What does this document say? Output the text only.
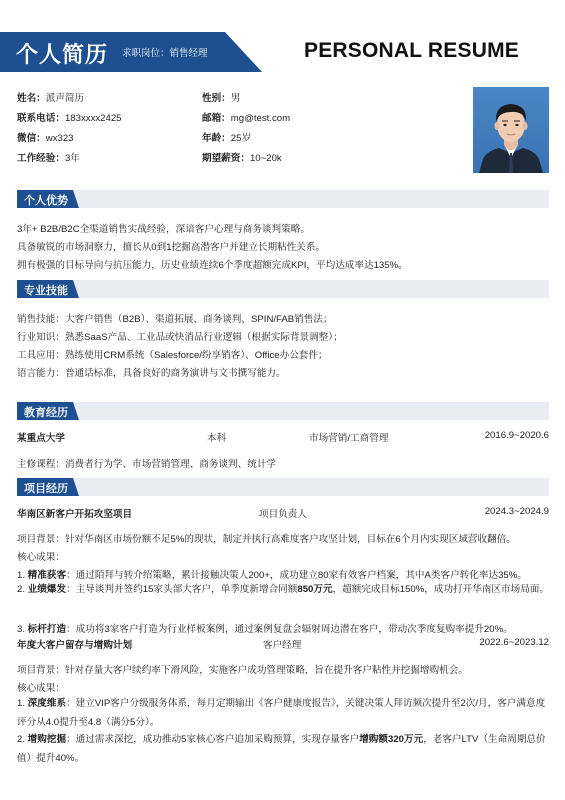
个人简历 求职岗位：销售经理	PERSONAL RESUME
姓名：派声简历	性别：男
联系电话：183xxxx2425	邮箱：mg@test.com
微信：wx323	年龄：25岁
工作经验：3年	期望薪资：10~20k
个人优势
3年+ B2B/B2C全渠道销售实战经验，深谙客户心理与商务谈判策略。
具备敏锐的市场洞察力，擅长从0到1挖掘高潜客户并建立长期粘性关系。
拥有极强的目标导向与抗压能力，历史业绩连续6个季度超额完成KPI，平均达成率达135%。
专业技能
销售技能：大客户销售（B2B）、渠道拓展、商务谈判、SPIN/FAB销售法；
行业知识：熟悉SaaS产品、工业品或快消品行业逻辑（根据实际背景调整）；
工具应用：熟练使用CRM系统（Salesforce/纷享销客）、Office办公套件；
语言能力：普通话标准，具备良好的商务演讲与文书撰写能力。
教育经历
某重点大学	本科	市场营销/工商管理	2016.9~2020.6
主修课程：消费者行为学、市场营销管理、商务谈判、统计学
项目经历
华南区新客户开拓攻坚项目	项目负责人	2024.3~2024.9
项目背景：针对华南区市场份额不足5%的现状，制定并执行高难度客户攻坚计划，目标在6个月内实现区域营收翻倍。
核心成果：
1. 精准获客：通过陌拜与转介绍策略，累计接触决策人200+，成功建立80家有效客户档案，其中A类客户转化率达35%。
2. 业绩爆发：主导谈判并签约15家头部大客户，单季度新增合同额850万元，超额完成目标150%，成功打开华南区市场局面。
3. 标杆打造：成功将3家客户打造为行业样板案例，通过案例复盘会辐射周边潜在客户，带动次季度复购率提升20%。
年度大客户留存与增购计划	客户经理	2022.6~2023.12
项目背景：针对存量大客户续约率下滑风险，实施客户成功管理策略，旨在提升客户粘性并挖掘增购机会。
核心成果：
1. 深度维系：建立VIP客户分级服务体系，每月定期输出《客户健康度报告》，关键决策人拜访频次提升至2次/月，客户满意度评分从4.0提升至4.8（满分5分）。
2. 增购挖掘：通过需求深挖，成功推动5家核心客户追加采购预算，实现存量客户增购额320万元，老客户LTV（生命周期总价值）提升40%。
